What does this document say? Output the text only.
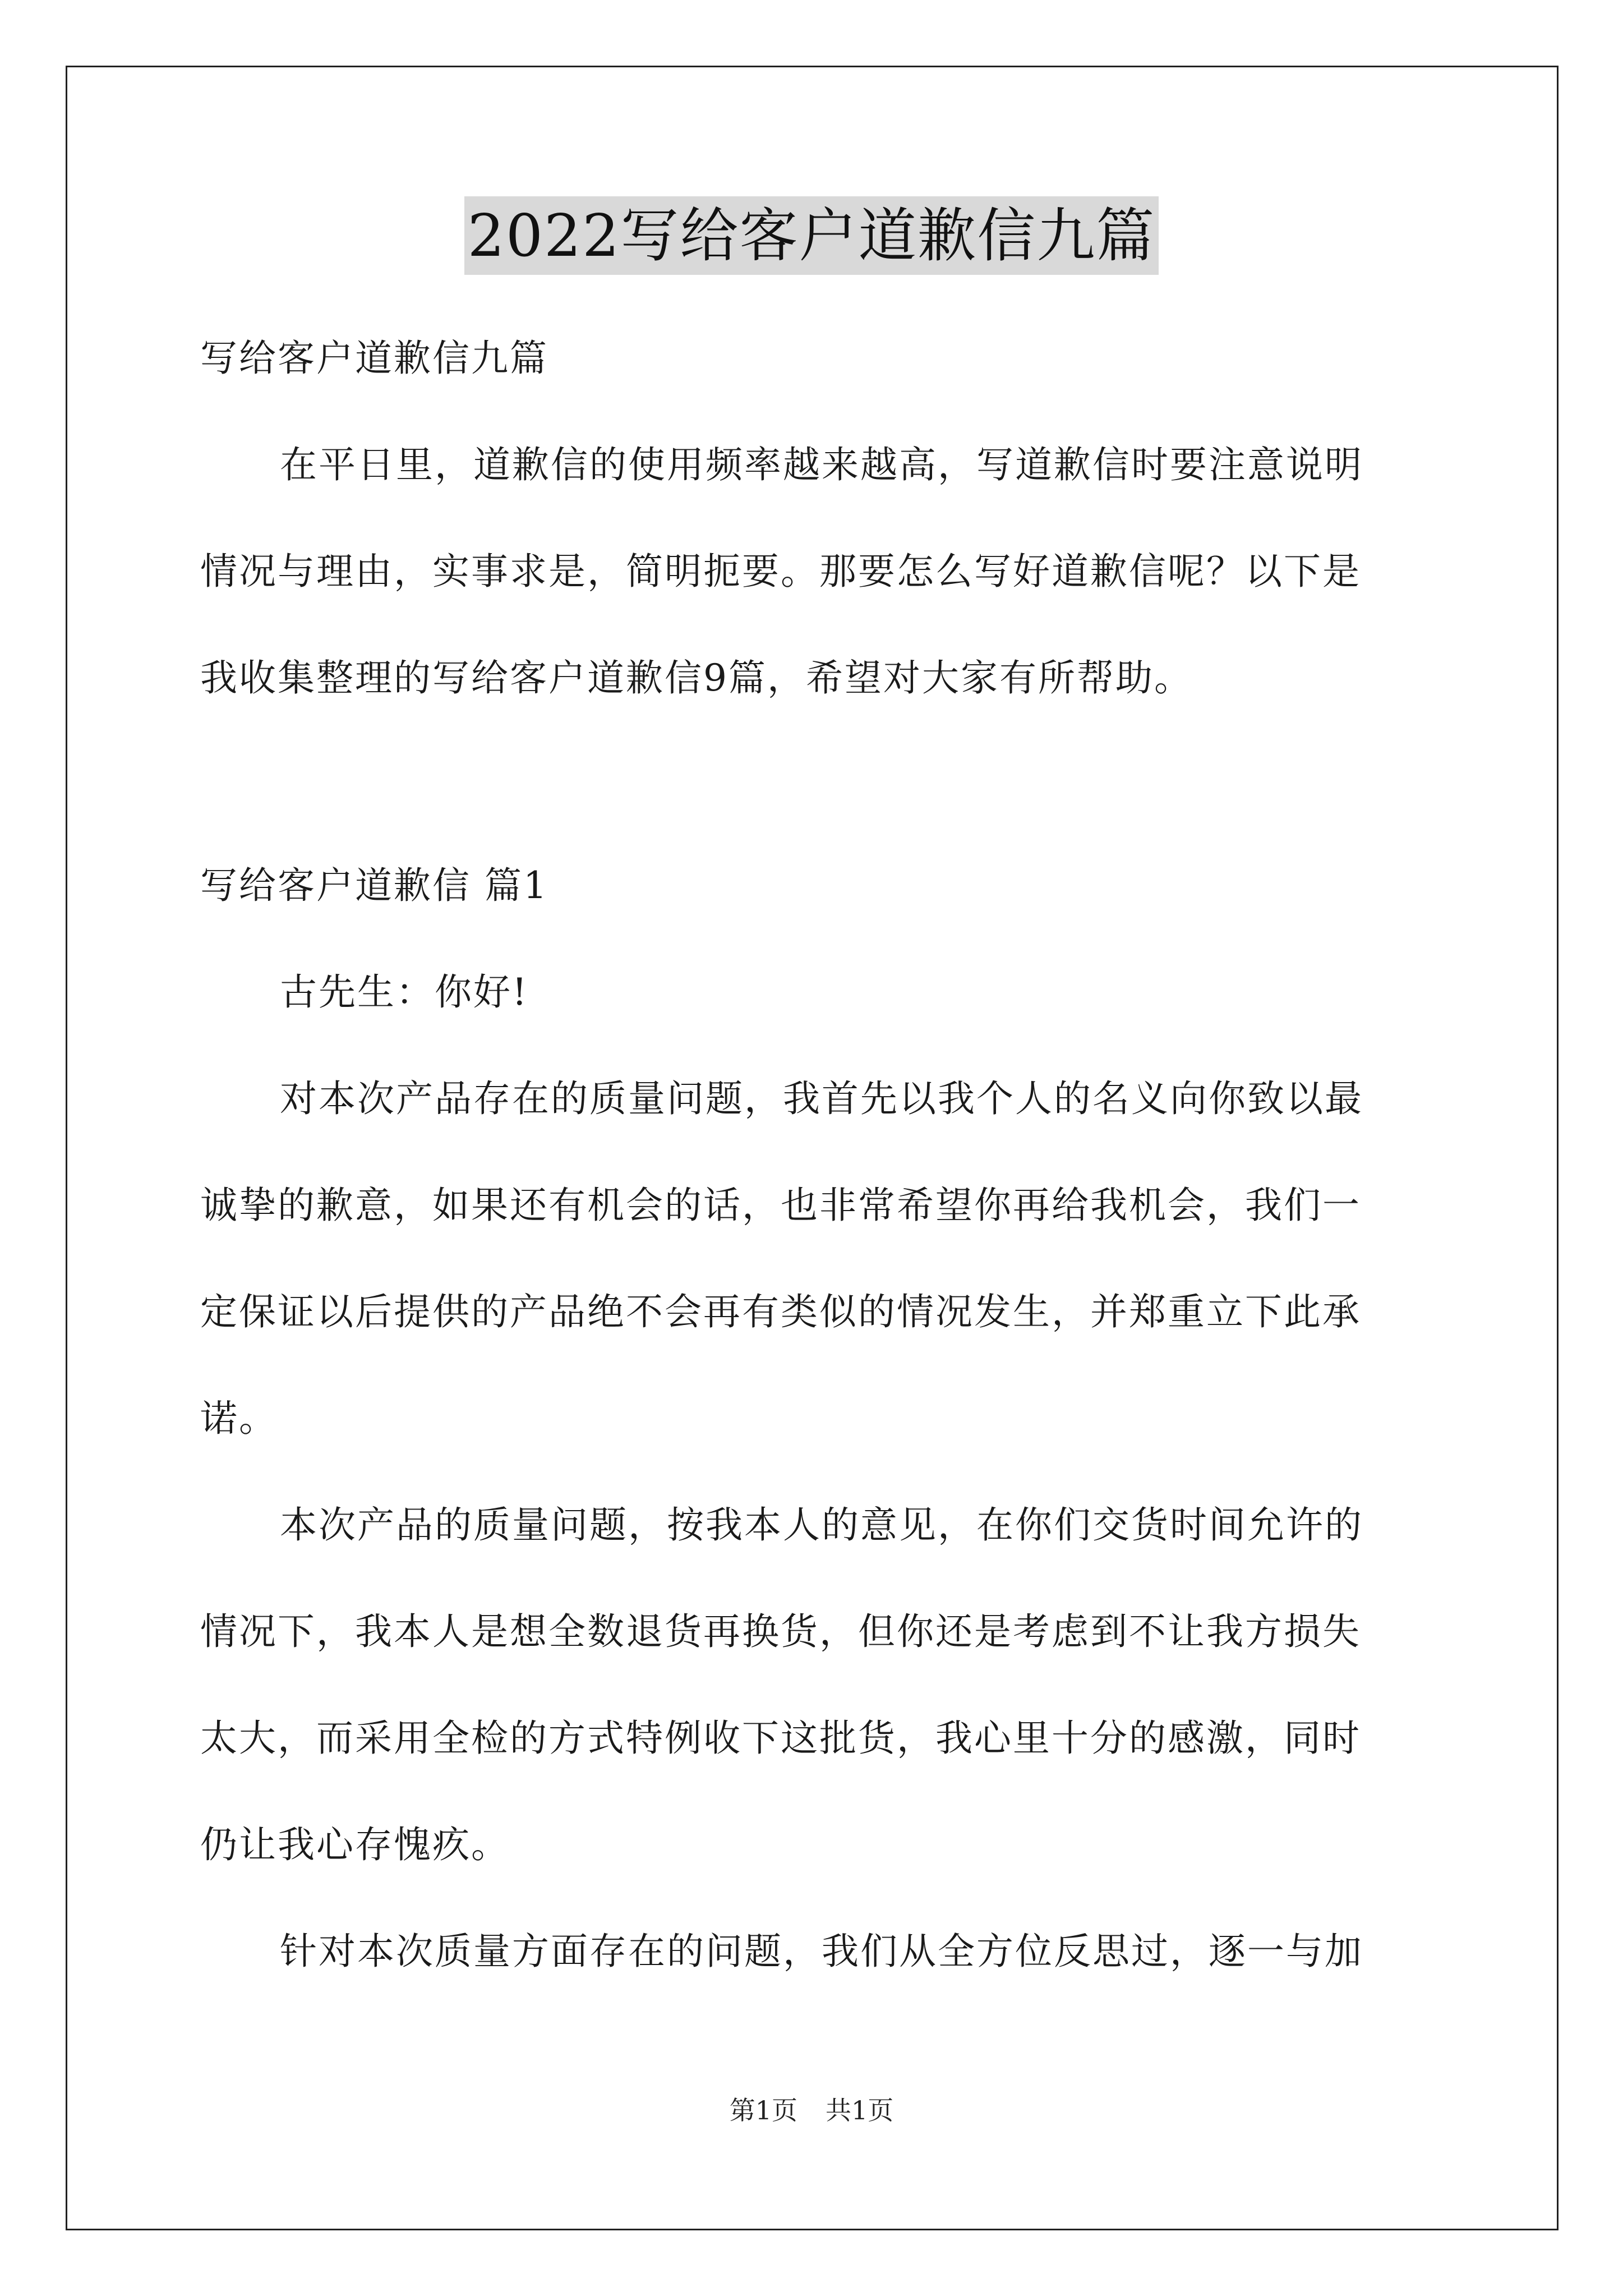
2022写给客户道歉信九篇
写给客户道歉信九篇
在平日里，道歉信的使用频率越来越高，写道歉信时要注意说明
情况与理由，实事求是，简明扼要。那要怎么写好道歉信呢？以下是
我收集整理的写给客户道歉信9篇，希望对大家有所帮助。
写给客户道歉信 篇1
古先生：你好!
对本次产品存在的质量问题，我首先以我个人的名义向你致以最
诚挚的歉意，如果还有机会的话，也非常希望你再给我机会，我们一
定保证以后提供的产品绝不会再有类似的情况发生，并郑重立下此承
诺。
本次产品的质量问题，按我本人的意见，在你们交货时间允许的
情况下，我本人是想全数退货再换货，但你还是考虑到不让我方损失
太大，而采用全检的方式特例收下这批货，我心里十分的感激，同时
仍让我心存愧疚。
针对本次质量方面存在的问题，我们从全方位反思过，逐一与加
第1页 共1页
